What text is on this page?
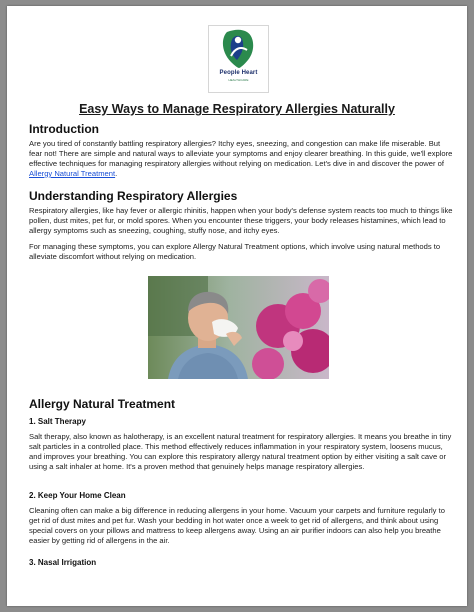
People Heart
HEALTHCARE
Easy Ways to Manage Respiratory Allergies Naturally
Introduction
Are you tired of constantly battling respiratory allergies? Itchy eyes, sneezing, and congestion can make life miserable. But fear not! There are simple and natural ways to alleviate your symptoms and enjoy clearer breathing. In this guide, we'll explore effective techniques for managing respiratory allergies without relying on medication. Let's dive in and discover the power of Allergy Natural Treatment.
Understanding Respiratory Allergies
Respiratory allergies, like hay fever or allergic rhinitis, happen when your body's defense system reacts too much to things like pollen, dust mites, pet fur, or mold spores. When you encounter these triggers, your body releases histamines, which lead to allergy symptoms such as sneezing, coughing, stuffy nose, and itchy eyes.
For managing these symptoms, you can explore Allergy Natural Treatment options, which involve using natural methods to alleviate discomfort without relying on medication.
Allergy Natural Treatment
1. Salt Therapy
Salt therapy, also known as halotherapy, is an excellent natural treatment for respiratory allergies. It means you breathe in tiny salt particles in a controlled place. This method effectively reduces inflammation in your respiratory system, loosens mucus, and improves your breathing. You can explore this respiratory allergy natural treatment option by either visiting a salt cave or using a salt inhaler at home. It's a proven method that genuinely helps manage respiratory allergies.
2. Keep Your Home Clean
Cleaning often can make a big difference in reducing allergens in your home. Vacuum your carpets and furniture regularly to get rid of dust mites and pet fur. Wash your bedding in hot water once a week to get rid of allergens, and think about using special covers on your pillows and mattress to keep allergens away. Using an air purifier indoors can also help you breathe easier by getting rid of allergens in the air.
3. Nasal Irrigation
